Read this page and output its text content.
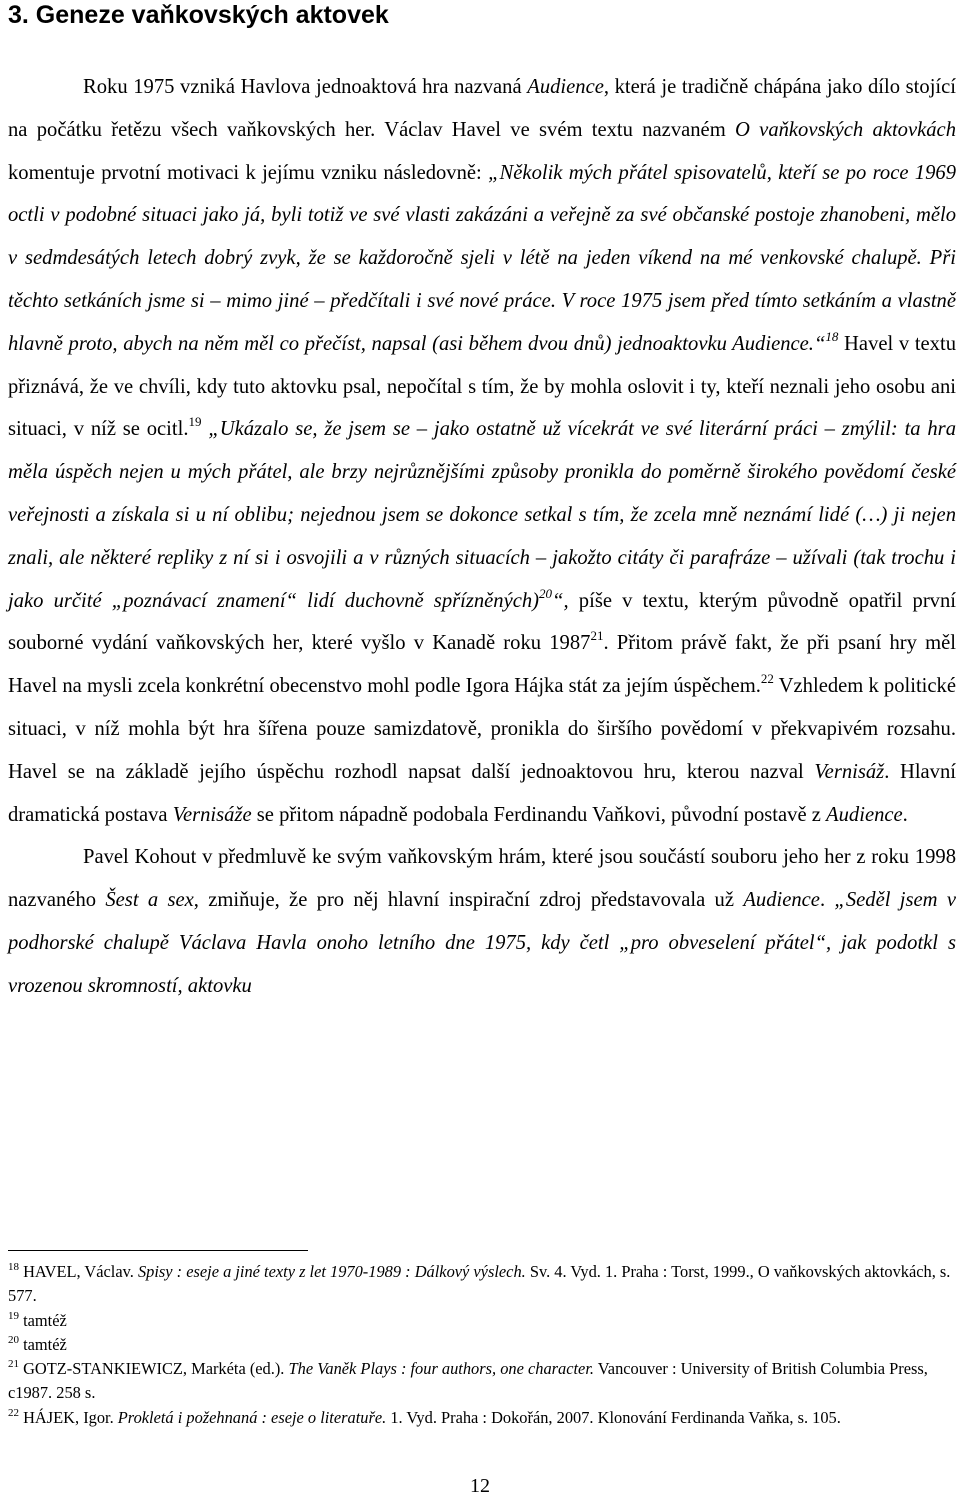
3. Geneze vaňkovských aktovek

Roku 1975 vzniká Havlova jednoaktová hra nazvaná Audience, která je tradičně chápána jako dílo stojící na počátku řetězu všech vaňkovských her. Václav Havel ve svém textu nazvaném O vaňkovských aktovkách komentuje prvotní motivaci k jejímu vzniku následovně: „Několik mých přátel spisovatelů, kteří se po roce 1969 octli v podobné situaci jako já, byli totiž ve své vlasti zakázáni a veřejně za své občanské postoje zhanobeni, mělo v sedmdesátých letech dobrý zvyk, že se každoročně sjeli v létě na jeden víkend na mé venkovské chalupě. Při těchto setkáních jsme si – mimo jiné – předčítali i své nové práce. V roce 1975 jsem před tímto setkáním a vlastně hlavně proto, abych na něm měl co přečíst, napsal (asi během dvou dnů) jednoaktovku Audience.“$^{18}$ Havel v textu přiznává, že ve chvíli, kdy tuto aktovku psal, nepočítal s tím, že by mohla oslovit i ty, kteří neznali jeho osobu ani situaci, v níž se ocitl.$^{19}$ „Ukázalo se, že jsem se – jako ostatně už vícekrát ve své literární práci – zmýlil: ta hra měla úspěch nejen u mých přátel, ale brzy nejrůznějšími způsoby pronikla do poměrně širokého povědomí české veřejnosti a získala si u ní oblibu; nejednou jsem se dokonce setkal s tím, že zcela mně neznámí lidé (…) ji nejen znali, ale některé repliky z ní si i osvojili a v různých situacích – jakožto citáty či parafráze – užívali (tak trochu i jako určité „poznávací znamení“ lidí duchovně spřízněných)$^{20}$“, píše v textu, kterým původně opatřil první souborné vydání vaňkovských her, které vyšlo v Kanadě roku 1987$^{21}$. Přitom právě fakt, že při psaní hry měl Havel na mysli zcela konkrétní obecenstvo mohl podle Igora Hájka stát za jejím úspěchem.$^{22}$ Vzhledem k politické situaci, v níž mohla být hra šířena pouze samizdatově, pronikla do širšího povědomí v překvapivém rozsahu. Havel se na základě jejího úspěchu rozhodl napsat další jednoaktovou hru, kterou nazval Vernisáž. Hlavní dramatická postava Vernisáže se přitom nápadně podobala Ferdinandu Vaňkovi, původní postavě z Audience.

Pavel Kohout v předmluvě ke svým vaňkovským hrám, které jsou součástí souboru jeho her z roku 1998 nazvaného Šest a sex, zmiňuje, že pro něj hlavní inspirační zdroj představovala už Audience. „Seděl jsem v podhorské chalupě Václava Havla onoho letního dne 1975, kdy četl „pro obveselení přátel“, jak podotkl s vrozenou skromností, aktovku

$^{18}$ HAVEL, Václav. Spisy : eseje a jiné texty z let 1970-1989 : Dálkový výslech. Sv. 4. Vyd. 1. Praha : Torst, 1999., O vaňkovských aktovkách, s. 577.

$^{19}$ tamtéž

$^{20}$ tamtéž

$^{21}$ GOTZ-STANKIEWICZ, Markéta (ed.). The Vaněk Plays : four authors, one character. Vancouver : University of British Columbia Press, c1987. 258 s.

$^{22}$ HÁJEK, Igor. Prokletá i požehnaná : eseje o literatuře. 1. Vyd. Praha : Dokořán, 2007. Klonování Ferdinanda Vaňka, s. 105.

12
